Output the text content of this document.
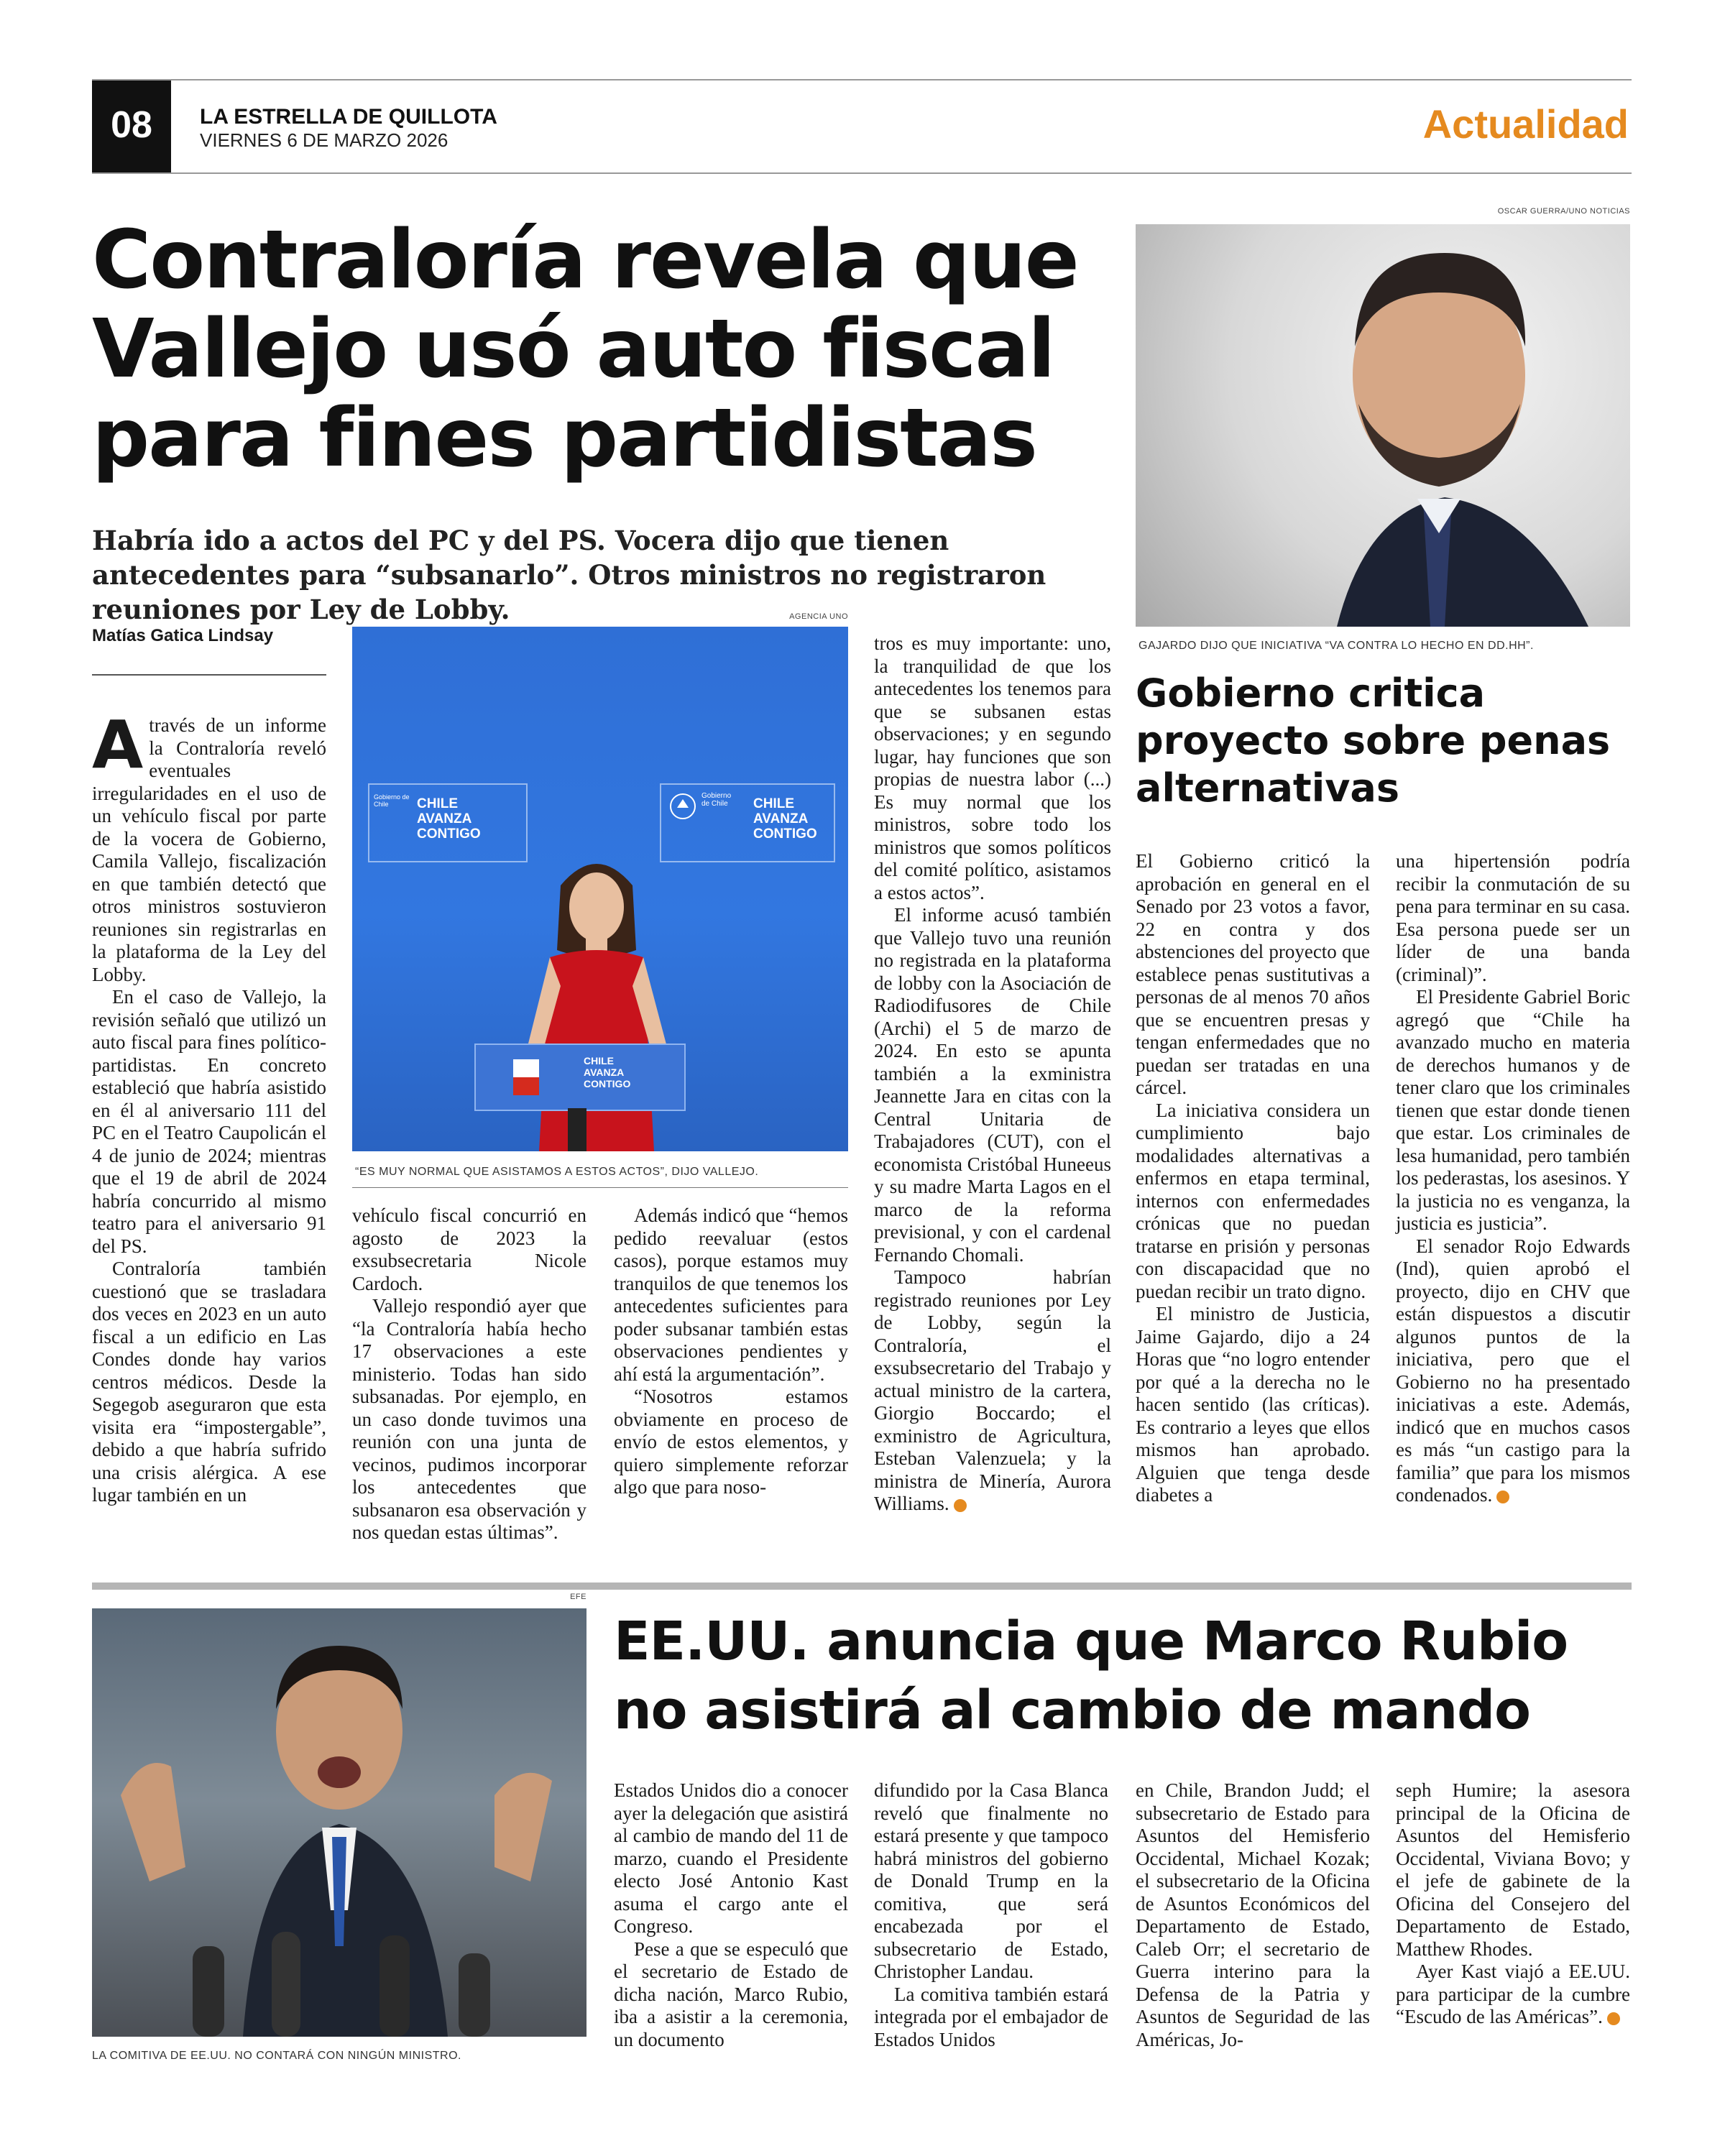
08	LA ESTRELLA DE QUILLOTA
VIERNES 6 DE MARZO 2026	Actualidad
Contraloría revela que Vallejo usó auto fiscal para fines partidistas
Habría ido a actos del PC y del PS. Vocera dijo que tienen antecedentes para “subsanarlo”. Otros ministros no registraron reuniones por Ley de Lobby.
Matías Gatica Lindsay
AGENCIA UNO
Gobierno de Chile	CHILE
AVANZA
CONTIGO
Gobierno de Chile	CHILE
AVANZA
CONTIGO
CHILE
AVANZA
CONTIGO
“ES MUY NORMAL QUE ASISTAMOS A ESTOS ACTOS”, DIJO VALLEJO.

Através de un informe la Contraloría reveló eventuales irregularidades en el uso de un vehículo fiscal por parte de la vocera de Gobierno, Camila Vallejo, fiscalización en que también detectó que otros ministros sostuvieron reuniones sin registrarlas en la plataforma de la Ley del Lobby.

En el caso de Vallejo, la revisión señaló que utilizó un auto fiscal para fines político-partidistas. En concreto estableció que habría asistido en él al aniversario 111 del PC en el Teatro Caupolicán el 4 de junio de 2024; mientras que el 19 de abril de 2024 habría concurrido al mismo teatro para el aniversario 91 del PS.

Contraloría también cuestionó que se trasladara dos veces en 2023 en un auto fiscal a un edificio en Las Condes donde hay varios centros médicos. Desde la Segegob aseguraron que esta visita era “impostergable”, debido a que habría sufrido una crisis alérgica. A ese lugar también en un

vehículo fiscal concurrió en agosto de 2023 la exsubsecretaria Nicole Cardoch.

Vallejo respondió ayer que “la Contraloría había hecho 17 observaciones a este ministerio. Todas han sido subsanadas. Por ejemplo, en un caso donde tuvimos una reunión con una junta de vecinos, pudimos incorporar los antecedentes que subsanaron esa observación y nos quedan estas últimas”.

Además indicó que “hemos pedido reevaluar (estos casos), porque estamos muy tranquilos de que tenemos los antecedentes suficientes para poder subsanar también estas observaciones pendientes y ahí está la argumentación”.

“Nosotros estamos obviamente en proceso de envío de estos elementos, y quiero simplemente reforzar algo que para noso-

tros es muy importante: uno, la tranquilidad de que los antecedentes los tenemos para que se subsanen estas observaciones; y en segundo lugar, hay funciones que son propias de nuestra labor (...) Es muy normal que los ministros, sobre todo los ministros que somos políticos del comité político, asistamos a estos actos”.

El informe acusó también que Vallejo tuvo una reunión no registrada en la plataforma de lobby con la Asociación de Radiodifusores de Chile (Archi) el 5 de marzo de 2024. En esto se apunta también a la exministra Jeannette Jara en citas con la Central Unitaria de Trabajadores (CUT), con el economista Cristóbal Huneeus y su madre Marta Lagos en el marco de la reforma previsional, y con el cardenal Fernando Chomali.

Tampoco habrían registrado reuniones por Ley de Lobby, según la Contraloría, el exsubsecretario del Trabajo y actual ministro de la cartera, Giorgio Boccardo; el exministro de Agricultura, Esteban Valenzuela; y la ministra de Minería, Aurora Williams.	✿

OSCAR GUERRA/UNO NOTICIAS
GAJARDO DIJO QUE INICIATIVA “VA CONTRA LO HECHO EN DD.HH”.
Gobierno critica proyecto sobre penas alternativas

El Gobierno criticó la aprobación en general en el Senado por 23 votos a favor, 22 en contra y dos abstenciones del proyecto que establece penas sustitutivas a personas de al menos 70 años que se encuentren presas y tengan enfermedades que no puedan ser tratadas en una cárcel.

La iniciativa considera un cumplimiento bajo modalidades alternativas a enfermos en etapa terminal, internos con enfermedades crónicas que no puedan tratarse en prisión y personas con discapacidad que no puedan recibir un trato digno.

El ministro de Justicia, Jaime Gajardo, dijo a 24 Horas que “no logro entender por qué a la derecha no le hacen sentido (las críticas). Es contrario a leyes que ellos mismos han aprobado. Alguien que tenga desde diabetes a

una hipertensión podría recibir la conmutación de su pena para terminar en su casa. Esa persona puede ser un líder de una banda (criminal)”.

El Presidente Gabriel Boric agregó que “Chile ha avanzado mucho en materia de derechos humanos y de tener claro que los criminales tienen que estar donde tienen que estar. Los criminales de lesa humanidad, pero también los pederastas, los asesinos. Y la justicia no es venganza, la justicia es justicia”.

El senador Rojo Edwards (Ind), quien aprobó el proyecto, dijo en CHV que están dispuestos a discutir algunos puntos de la iniciativa, pero que el Gobierno no ha presentado iniciativas a este. Además, indicó que en muchos casos es más “un castigo para la familia” que para los mismos condenados.	✿

EFE
LA COMITIVA DE EE.UU. NO CONTARÁ CON NINGÚN MINISTRO.
EE.UU. anuncia que Marco Rubio no asistirá al cambio de mando

Estados Unidos dio a conocer ayer la delegación que asistirá al cambio de mando del 11 de marzo, cuando el Presidente electo José Antonio Kast asuma el cargo ante el Congreso.

Pese a que se especuló que el secretario de Estado de dicha nación, Marco Rubio, iba a asistir a la ceremonia, un documento

difundido por la Casa Blanca reveló que finalmente no estará presente y que tampoco habrá ministros del gobierno de Donald Trump en la comitiva, que será encabezada por el subsecretario de Estado, Christopher Landau.

La comitiva también estará integrada por el embajador de Estados Unidos

en Chile, Brandon Judd; el subsecretario de Estado para Asuntos del Hemisferio Occidental, Michael Kozak; el subsecretario de la Oficina de Asuntos Económicos del Departamento de Estado, Caleb Orr; el secretario de Guerra interino para la Defensa de la Patria y Asuntos de Seguridad de las Américas, Jo-

seph Humire; la asesora principal de la Oficina de Asuntos del Hemisferio Occidental, Viviana Bovo; y el jefe de gabinete de la Oficina del Consejero del Departamento de Estado, Matthew Rhodes.

Ayer Kast viajó a EE.UU. para participar de la cumbre “Escudo de las Américas”.	✿
